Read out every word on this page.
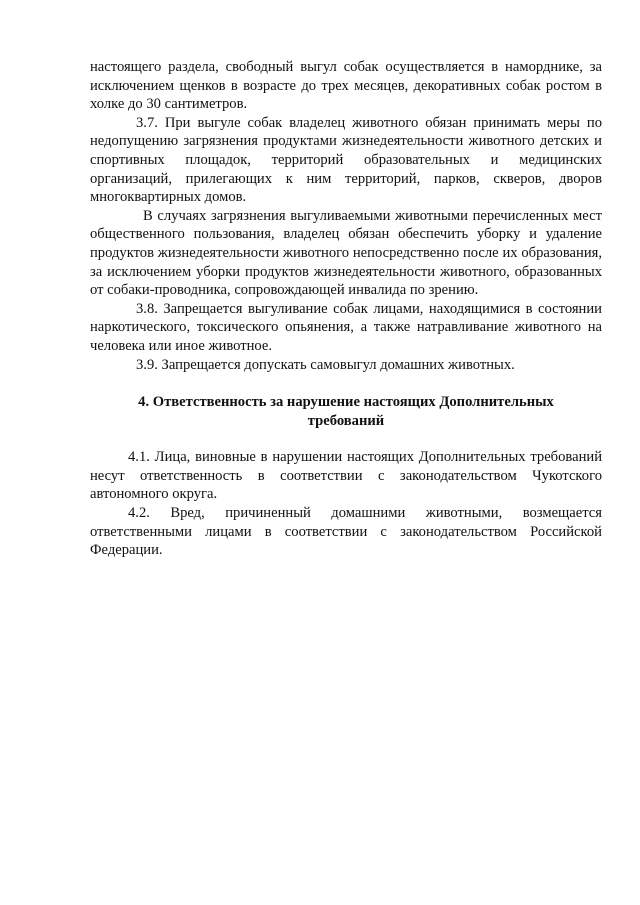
настоящего раздела, свободный выгул собак осуществляется в наморднике, за исключением щенков в возрасте до трех месяцев, декоративных собак ростом в холке до 30 сантиметров.

3.7. При выгуле собак владелец животного обязан принимать меры по недопущению загрязнения продуктами жизнедеятельности животного детских и спортивных площадок, территорий образовательных и медицинских организаций, прилегающих к ним территорий, парков, скверов, дворов многоквартирных домов.

В случаях загрязнения выгуливаемыми животными перечисленных мест общественного пользования, владелец обязан обеспечить уборку и удаление продуктов жизнедеятельности животного непосредственно после их образования, за исключением уборки продуктов жизнедеятельности животного, образованных от собаки-проводника, сопровождающей инвалида по зрению.

3.8. Запрещается выгуливание собак лицами, находящимися в состоянии наркотического, токсического опьянения, а также натравливание животного на человека или иное животное.

3.9. Запрещается допускать самовыгул домашних животных.

4. Ответственность за нарушение настоящих Дополнительных требований

4.1. Лица, виновные в нарушении настоящих Дополнительных требований несут ответственность в соответствии с законодательством Чукотского автономного округа.

4.2. Вред, причиненный домашними животными, возмещается ответственными лицами в соответствии с законодательством Российской Федерации.
